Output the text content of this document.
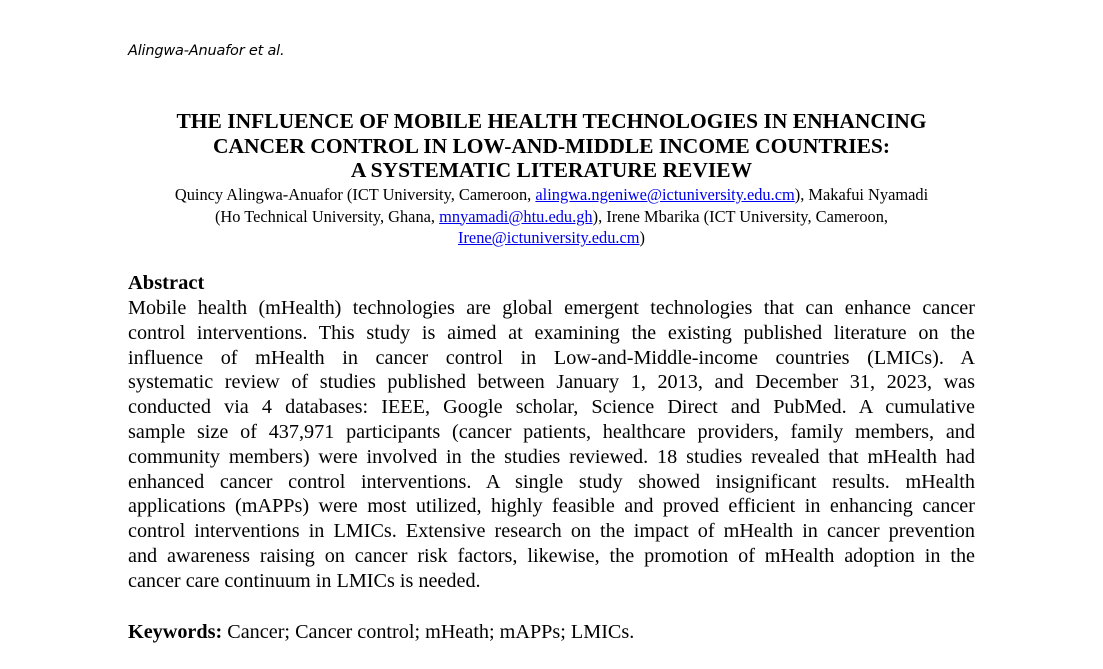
Alingwa-Anuafor et al.
THE INFLUENCE OF MOBILE HEALTH TECHNOLOGIES IN ENHANCING
CANCER CONTROL IN LOW-AND-MIDDLE INCOME COUNTRIES:
A SYSTEMATIC LITERATURE REVIEW
Quincy Alingwa-Anuafor (ICT University, Cameroon, alingwa.ngeniwe@ictuniversity.edu.cm), Makafui Nyamadi
(Ho Technical University, Ghana, mnyamadi@htu.edu.gh), Irene Mbarika (ICT University, Cameroon,
Irene@ictuniversity.edu.cm)
Abstract
Mobile health (mHealth) technologies are global emergent technologies that can enhance cancer
control interventions. This study is aimed at examining the existing published literature on the
influence of mHealth in cancer control in Low-and-Middle-income countries (LMICs). A
systematic review of studies published between January 1, 2013, and December 31, 2023, was
conducted via 4 databases: IEEE, Google scholar, Science Direct and PubMed. A cumulative
sample size of 437,971 participants (cancer patients, healthcare providers, family members, and
community members) were involved in the studies reviewed. 18 studies revealed that mHealth had
enhanced cancer control interventions. A single study showed insignificant results. mHealth
applications (mAPPs) were most utilized, highly feasible and proved efficient in enhancing cancer
control interventions in LMICs. Extensive research on the impact of mHealth in cancer prevention
and awareness raising on cancer risk factors, likewise, the promotion of mHealth adoption in the
cancer care continuum in LMICs is needed.
Keywords: Cancer; Cancer control; mHeath; mAPPs; LMICs.
